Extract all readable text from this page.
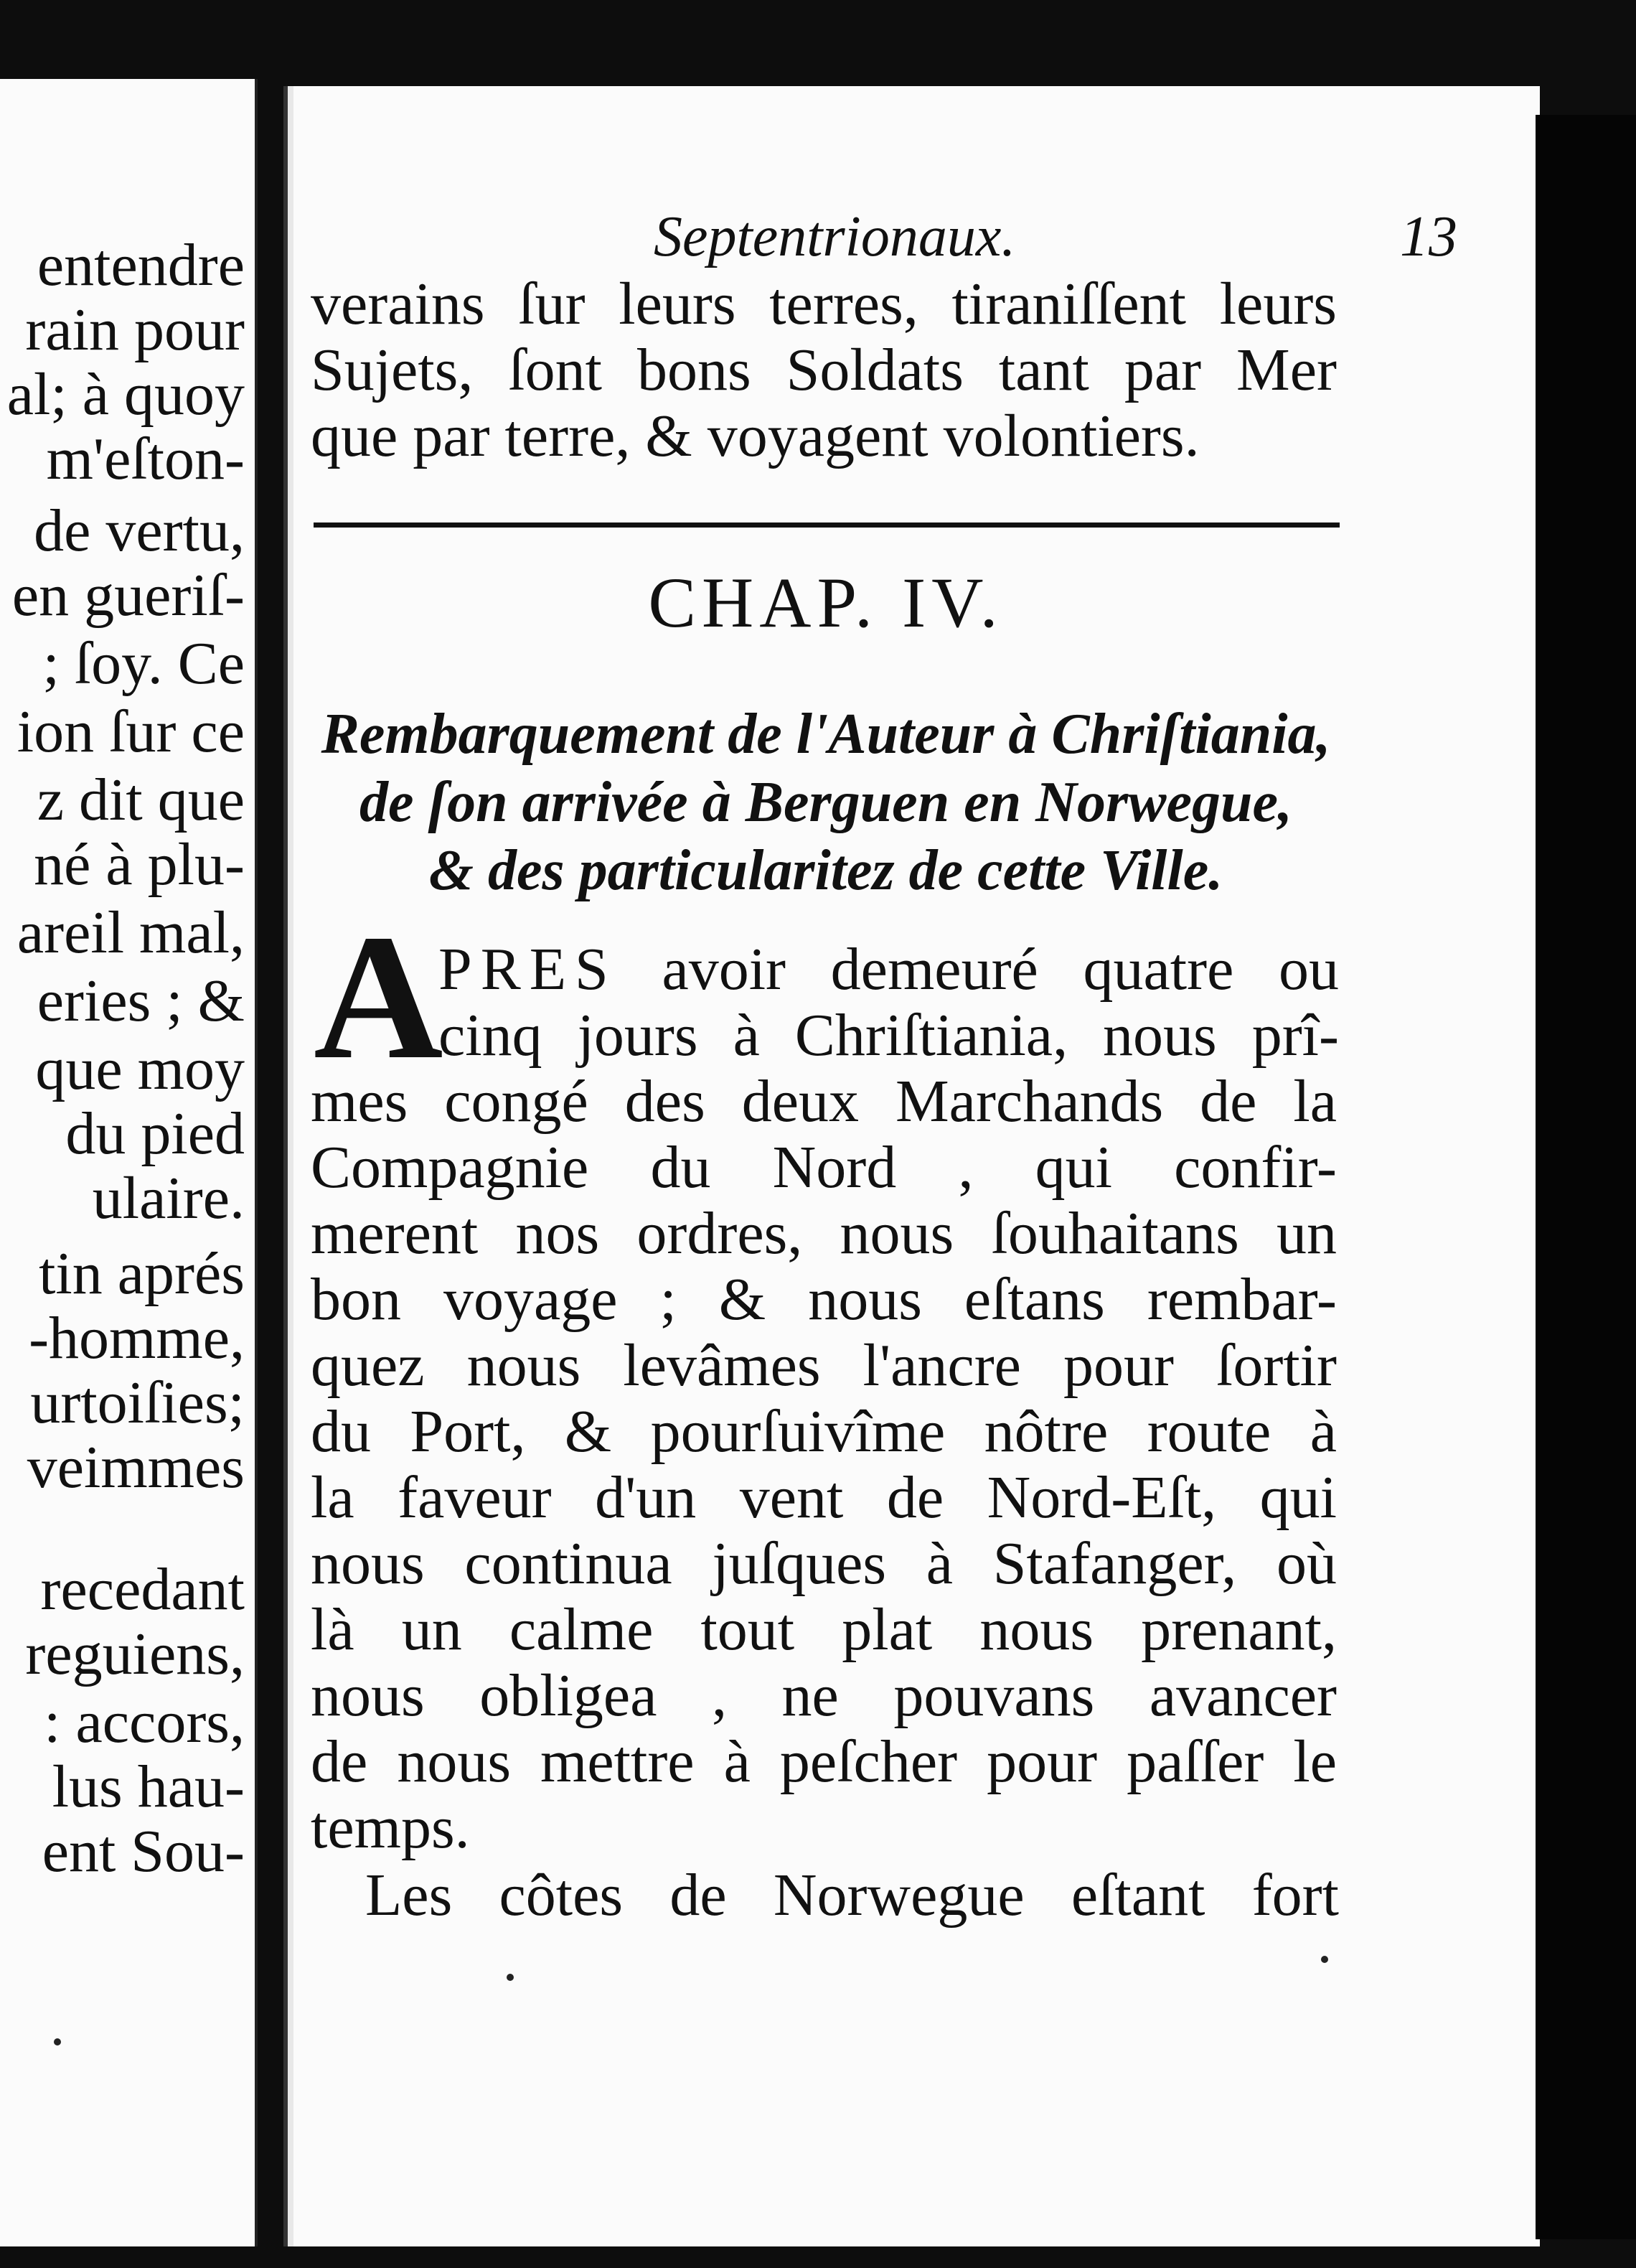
entendre
rain pour
al; à quoy
m'eſton-
de vertu,
en gueriſ-
; ſoy. Ce
ion ſur ce
z dit que
né à plu-
areil mal,
eries ; &
que moy
du pied
ulaire.
tin aprés
-homme,
urtoiſies;
veimmes
recedant
reguiens,
: accors,
lus hau-
ent Sou-
Septentrionaux.	13
verains ſur leurs terres, tiraniſſent leurs
Sujets, ſont bons Soldats tant par Mer
que par terre, & voyagent volontiers.
CHAP. IV.
Rembarquement de l'Auteur à Chriſtiania,
de ſon arrivée à Berguen en Norwegue,
& des particularitez de cette Ville.
A
PRES avoir demeuré quatre ou
cinq jours à Chriſtiania, nous prî-
mes congé des deux Marchands de la
Compagnie du Nord , qui confir-
merent nos ordres, nous ſouhaitans un
bon voyage ; & nous eſtans rembar-
quez nous levâmes l'ancre pour ſortir
du Port, & pourſuivîme nôtre route à
la faveur d'un vent de Nord-Eſt, qui
nous continua juſques à Stafanger, où
là un calme tout plat nous prenant,
nous obligea , ne pouvans avancer
de nous mettre à peſcher pour paſſer le
temps.
Les côtes de Norwegue eſtant fort
